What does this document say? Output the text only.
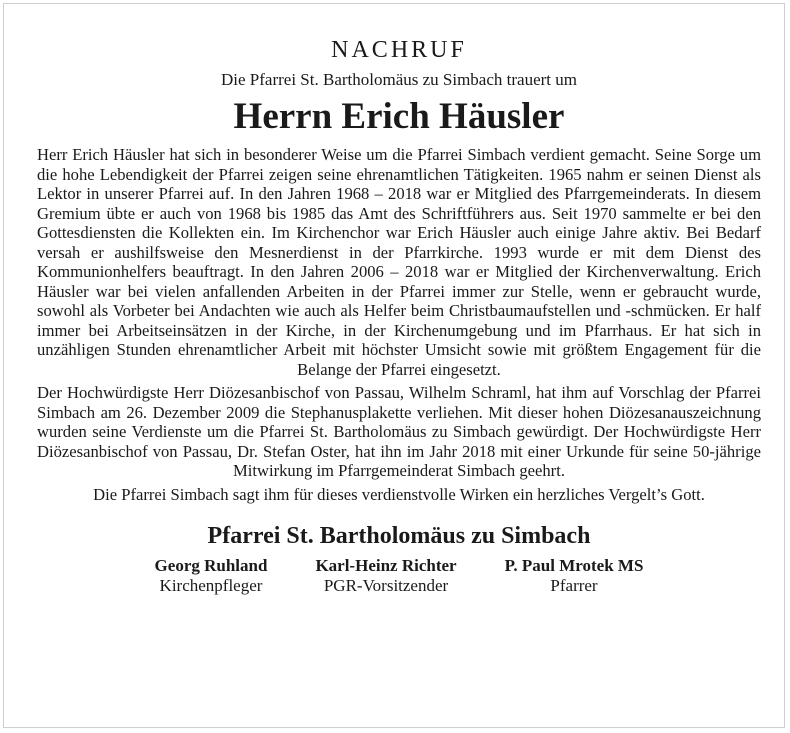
NACHRUF
Die Pfarrei St. Bartholomäus zu Simbach trauert um
Herrn Erich Häusler

Herr Erich Häusler hat sich in besonderer Weise um die Pfarrei Simbach verdient gemacht. Seine Sorge um die hohe Lebendigkeit der Pfarrei zeigen seine ehrenamtlichen Tätigkeiten. 1965 nahm er seinen Dienst als Lektor in unserer Pfarrei auf. In den Jahren 1968 – 2018 war er Mitglied des Pfarrgemeinderats. In diesem Gremium übte er auch von 1968 bis 1985 das Amt des Schriftführers aus. Seit 1970 sammelte er bei den Gottesdiensten die Kollekten ein. Im Kirchenchor war Erich Häusler auch einige Jahre aktiv. Bei Bedarf versah er aushilfsweise den Mesnerdienst in der Pfarrkirche. 1993 wurde er mit dem Dienst des Kommunionhelfers beauftragt. In den Jahren 2006 – 2018 war er Mitglied der Kirchenverwaltung. Erich Häusler war bei vielen anfallenden Arbeiten in der Pfarrei immer zur Stelle, wenn er gebraucht wurde, sowohl als Vorbeter bei Andachten wie auch als Helfer beim Christbaumaufstellen und -schmücken. Er half immer bei Arbeitseinsätzen in der Kirche, in der Kirchenumgebung und im Pfarrhaus. Er hat sich in unzähligen Stunden ehrenamtlicher Arbeit mit höchster Umsicht sowie mit größtem Engagement für die Belange der Pfarrei eingesetzt.

Der Hochwürdigste Herr Diözesanbischof von Passau, Wilhelm Schraml, hat ihm auf Vorschlag der Pfarrei Simbach am 26. Dezember 2009 die Stephanusplakette verliehen. Mit dieser hohen Diözesanauszeichnung wurden seine Verdienste um die Pfarrei St. Bartholomäus zu Simbach gewürdigt. Der Hochwürdigste Herr Diözesanbischof von Passau, Dr. Stefan Oster, hat ihn im Jahr 2018 mit einer Urkunde für seine 50-jährige Mitwirkung im Pfarrgemeinderat Simbach geehrt.

Die Pfarrei Simbach sagt ihm für dieses verdienstvolle Wirken ein herzliches Vergelt’s Gott.

Pfarrei St. Bartholomäus zu Simbach
Georg Ruhland
Kirchenpfleger
Karl-Heinz Richter
PGR-Vorsitzender
P. Paul Mrotek MS
Pfarrer
